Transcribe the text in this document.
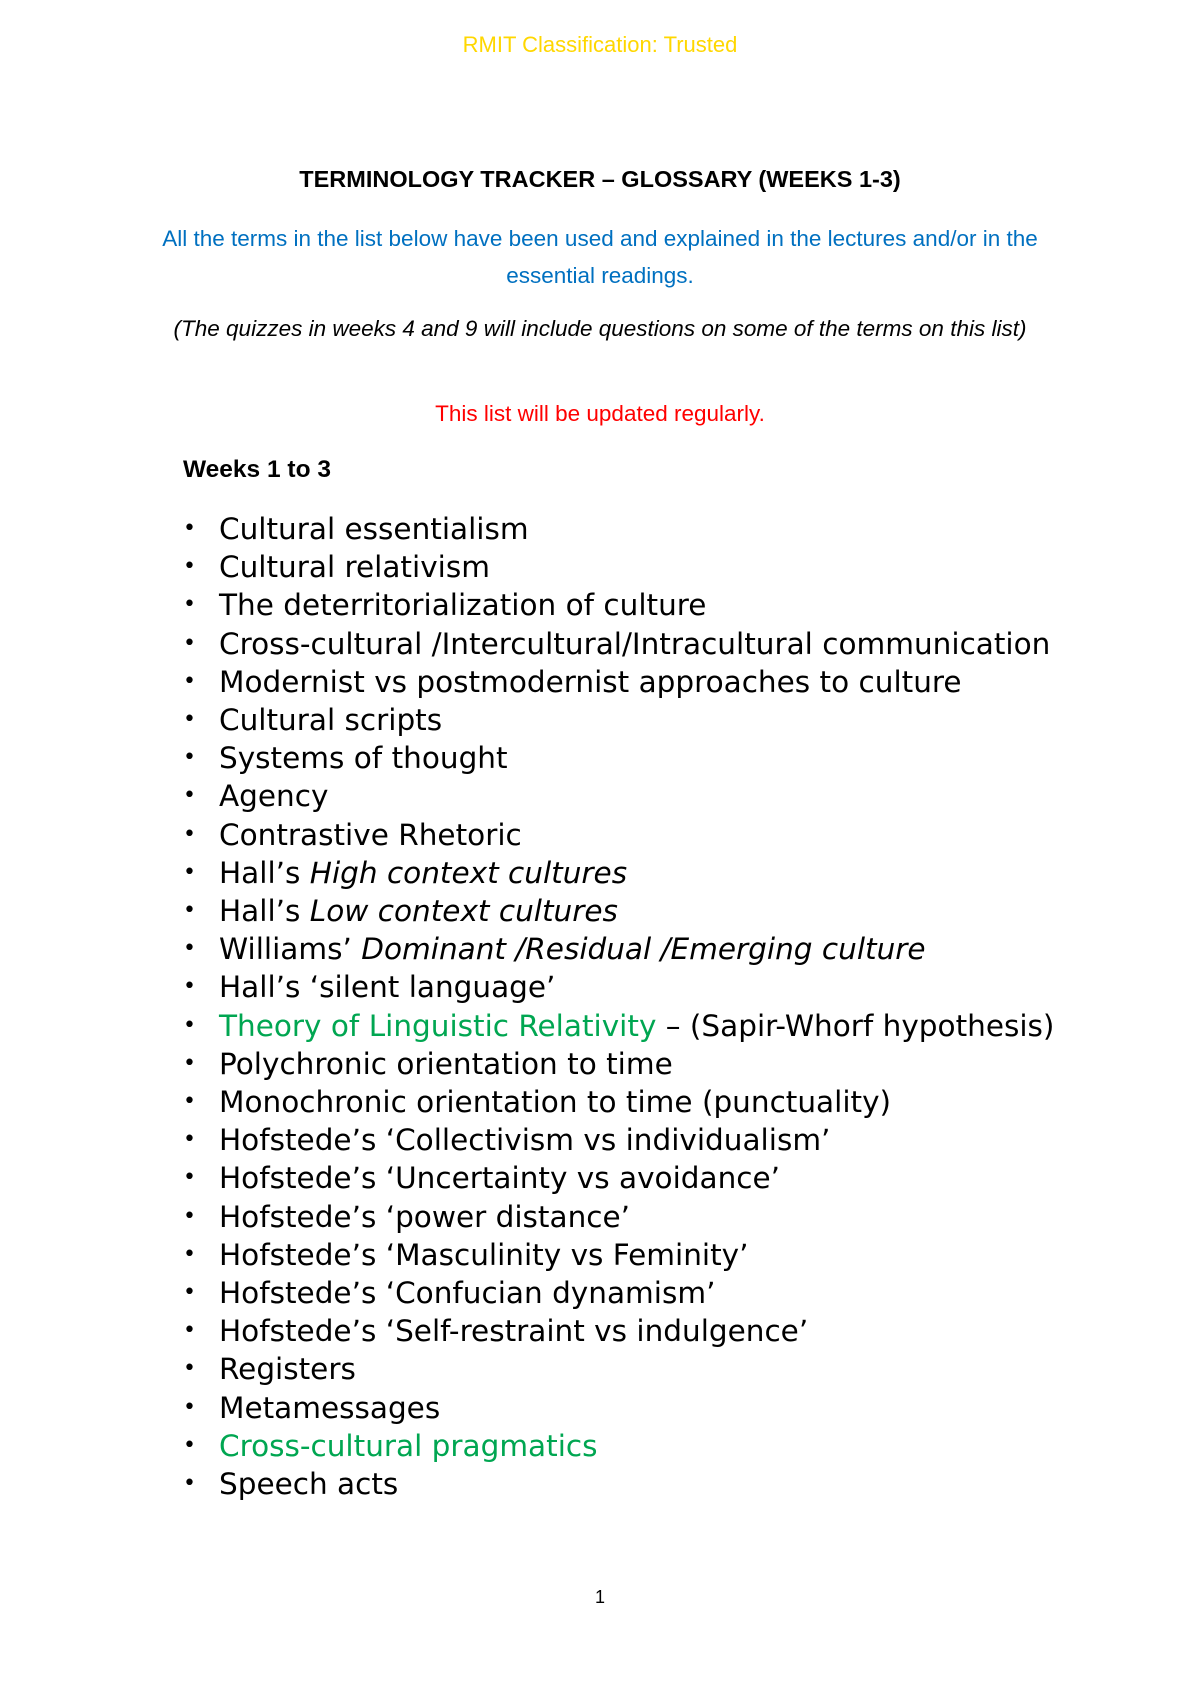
RMIT Classification: Trusted
TERMINOLOGY TRACKER – GLOSSARY (WEEKS 1-3)
All the terms in the list below have been used and explained in the lectures and/or in the essential readings.
(The quizzes in weeks 4 and 9 will include questions on some of the terms on this list)
This list will be updated regularly.
Weeks 1 to 3
• Cultural essentialism
• Cultural relativism
• The deterritorialization of culture
• Cross-cultural /Intercultural/Intracultural communication
• Modernist vs postmodernist approaches to culture
• Cultural scripts
• Systems of thought
• Agency
• Contrastive Rhetoric
• Hall’s High context cultures
• Hall’s Low context cultures
• Williams’ Dominant /Residual /Emerging culture
• Hall’s ‘silent language’
• Theory of Linguistic Relativity – (Sapir-Whorf hypothesis)
• Polychronic orientation to time
• Monochronic orientation to time (punctuality)
• Hofstede’s ‘Collectivism vs individualism’
• Hofstede’s ‘Uncertainty vs avoidance’
• Hofstede’s ‘power distance’
• Hofstede’s ‘Masculinity vs Feminity’
• Hofstede’s ‘Confucian dynamism’
• Hofstede’s ‘Self-restraint vs indulgence’
• Registers
• Metamessages
• Cross-cultural pragmatics
• Speech acts
1
